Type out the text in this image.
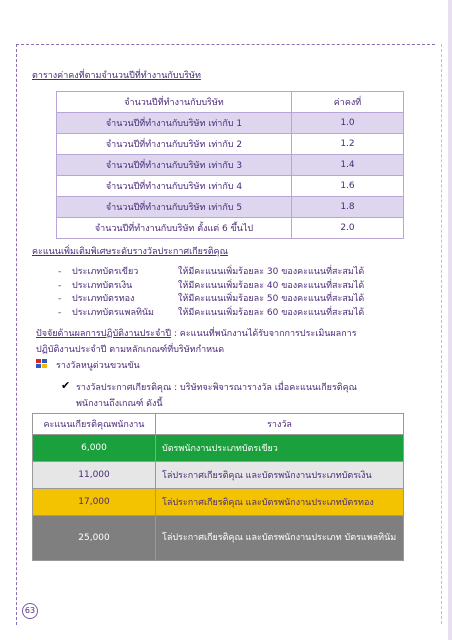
ตารางค่าคงที่ตามจำนวนปีที่ทำงานกับบริษัท
จำนวนปีที่ทำงานกับบริษัท	ค่าคงที่
จำนวนปีที่ทำงานกับบริษัท เท่ากับ 1	1.0
จำนวนปีที่ทำงานกับบริษัท เท่ากับ 2	1.2
จำนวนปีที่ทำงานกับบริษัท เท่ากับ 3	1.4
จำนวนปีที่ทำงานกับบริษัท เท่ากับ 4	1.6
จำนวนปีที่ทำงานกับบริษัท เท่ากับ 5	1.8
จำนวนปีที่ทำงานกับบริษัท ตั้งแต่ 6 ขึ้นไป	2.0
คะแนนเพิ่มเติมพิเศษระดับรางวัลประกาศเกียรติคุณ
-	ประเภทบัตรเขียว	ให้มีคะแนนเพิ่มร้อยละ 30 ของคะแนนที่สะสมได้
-	ประเภทบัตรเงิน	ให้มีคะแนนเพิ่มร้อยละ 40 ของคะแนนที่สะสมได้
-	ประเภทบัตรทอง	ให้มีคะแนนเพิ่มร้อยละ 50 ของคะแนนที่สะสมได้
-	ประเภทบัตรแพลทินัม	ให้มีคะแนนเพิ่มร้อยละ 60 ของคะแนนที่สะสมได้
ปัจจัยด้านผลการปฏิบัติงานประจำปี : คะแนนที่พนักงานได้รับจากการประเมินผลการ
ปฏิบัติงานประจำปี ตามหลักเกณฑ์ที่บริษัทกำหนด
รางวัลหนูด่วนขวนขัน
✔ รางวัลประกาศเกียรติคุณ : บริษัทจะพิจารณารางวัล เมื่อคะแนนเกียรติคุณ
พนักงานถึงเกณฑ์ ดังนี้
คะแนนเกียรติคุณพนักงาน	รางวัล
6,000	บัตรพนักงานประเภทบัตรเขียว
11,000	โล่ประกาศเกียรติคุณ และบัตรพนักงานประเภทบัตรเงิน
17,000	โล่ประกาศเกียรติคุณ และบัตรพนักงานประเภทบัตรทอง
25,000	โล่ประกาศเกียรติคุณ และบัตรพนักงานประเภท บัตรแพลทินัม
63
